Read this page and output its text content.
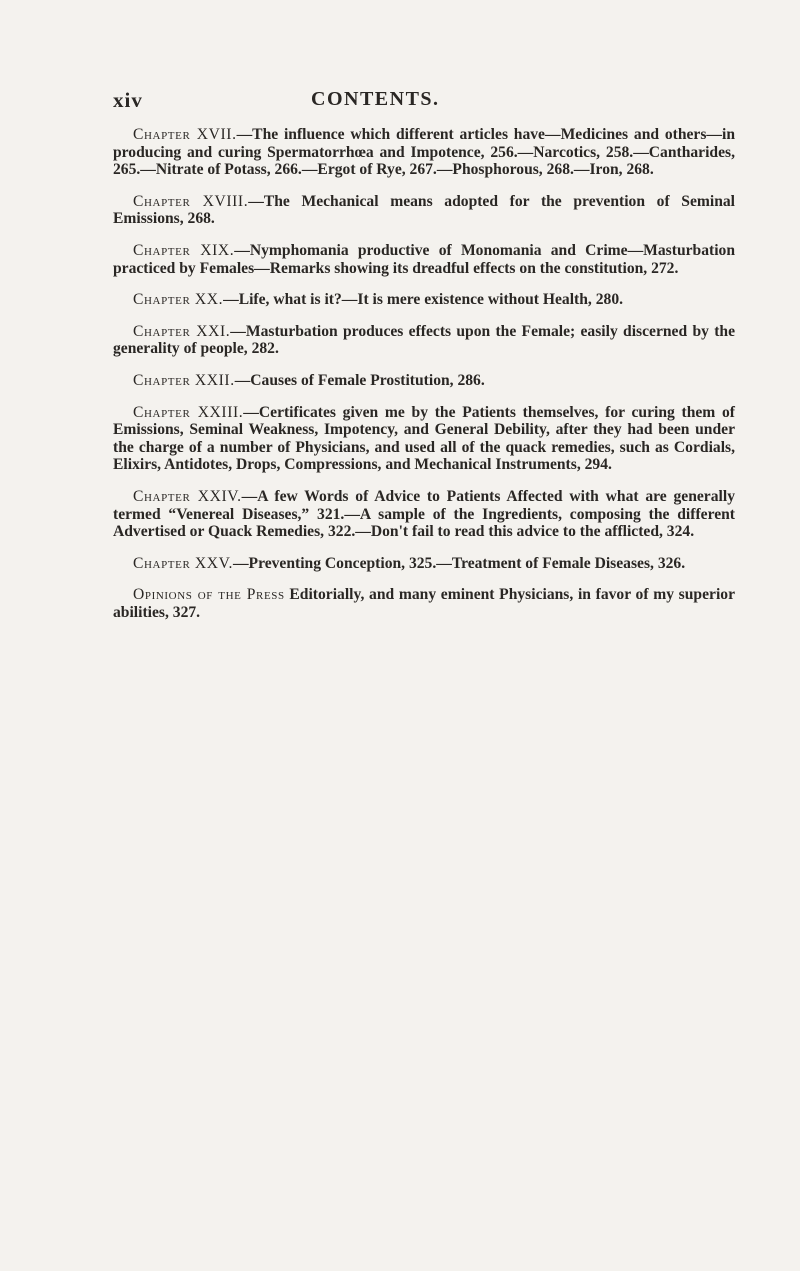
xiv	CONTENTS.

Chapter XVII.—The influence which different articles have—Medicines and others—in producing and curing Spermatorrhœa and Impotence, 256.—Narcotics, 258.—Cantharides, 265.—Nitrate of Potass, 266.—Ergot of Rye, 267.—Phosphorous, 268.—Iron, 268.

Chapter XVIII.—The Mechanical means adopted for the prevention of Seminal Emissions, 268.

Chapter XIX.—Nymphomania productive of Monomania and Crime—Masturbation practiced by Females—Remarks showing its dreadful effects on the constitution, 272.

Chapter XX.—Life, what is it?—It is mere existence without Health, 280.

Chapter XXI.—Masturbation produces effects upon the Female; easily discerned by the generality of people, 282.

Chapter XXII.—Causes of Female Prostitution, 286.

Chapter XXIII.—Certificates given me by the Patients themselves, for curing them of Emissions, Seminal Weakness, Impotency, and General Debility, after they had been under the charge of a number of Physicians, and used all of the quack remedies, such as Cordials, Elixirs, Antidotes, Drops, Compressions, and Mechanical Instruments, 294.

Chapter XXIV.—A few Words of Advice to Patients Affected with what are generally termed “Venereal Diseases,” 321.—A sample of the Ingredients, composing the different Advertised or Quack Remedies, 322.—Don't fail to read this advice to the afflicted, 324.

Chapter XXV.—Preventing Conception, 325.—Treatment of Female Diseases, 326.

Opinions of the Press Editorially, and many eminent Physicians, in favor of my superior abilities, 327.
